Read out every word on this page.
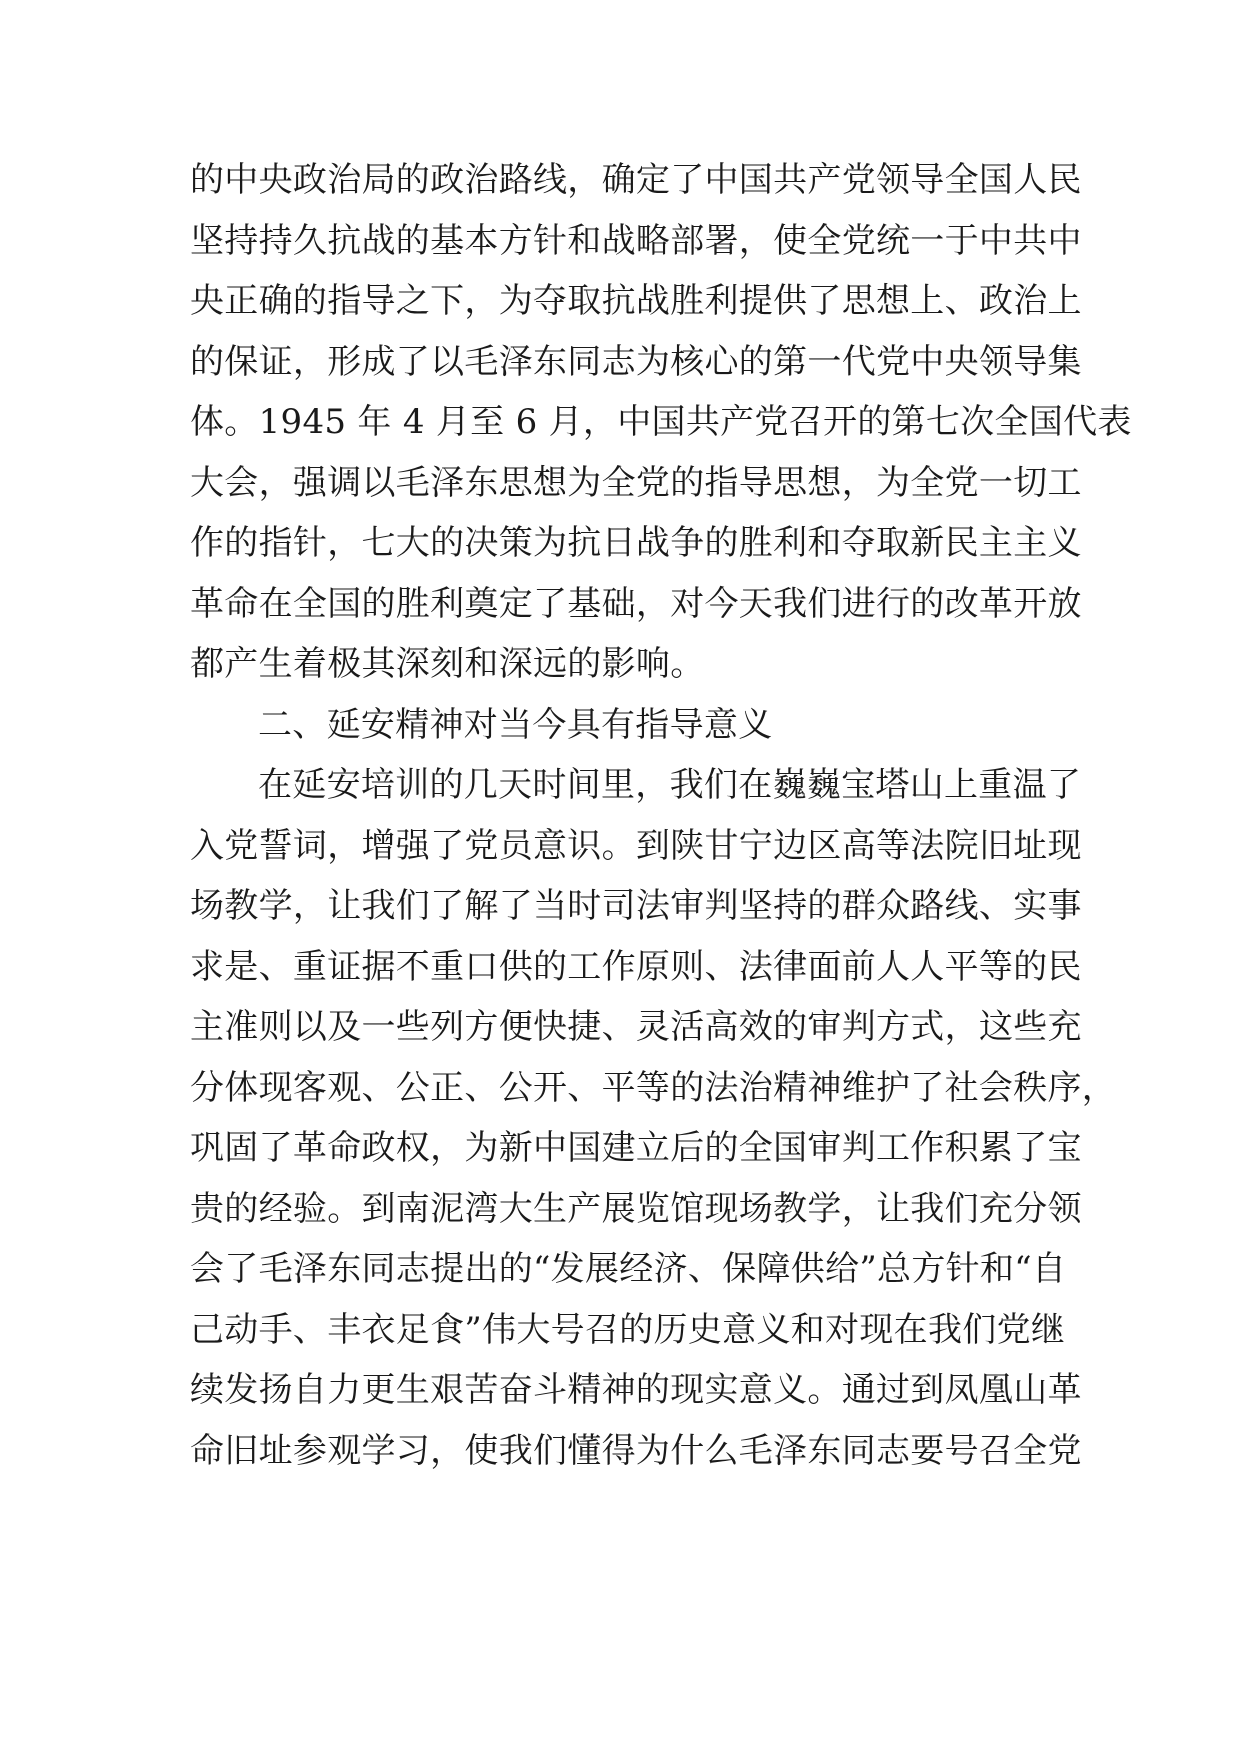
的中央政治局的政治路线，确定了中国共产党领导全国人民
坚持持久抗战的基本方针和战略部署，使全党统一于中共中
央正确的指导之下，为夺取抗战胜利提供了思想上、政治上
的保证，形成了以毛泽东同志为核心的第一代党中央领导集
体。1945 年 4 月至 6 月，中国共产党召开的第七次全国代表
大会，强调以毛泽东思想为全党的指导思想，为全党一切工
作的指针，七大的决策为抗日战争的胜利和夺取新民主主义
革命在全国的胜利奠定了基础，对今天我们进行的改革开放
都产生着极其深刻和深远的影响。
二、延安精神对当今具有指导意义
在延安培训的几天时间里，我们在巍巍宝塔山上重温了
入党誓词，增强了党员意识。到陕甘宁边区高等法院旧址现
场教学，让我们了解了当时司法审判坚持的群众路线、实事
求是、重证据不重口供的工作原则、法律面前人人平等的民
主准则以及一些列方便快捷、灵活高效的审判方式，这些充
分体现客观、公正、公开、平等的法治精神维护了社会秩序，
巩固了革命政权，为新中国建立后的全国审判工作积累了宝
贵的经验。到南泥湾大生产展览馆现场教学，让我们充分领
会了毛泽东同志提出的“发展经济、保障供给”总方针和“自
己动手、丰衣足食”伟大号召的历史意义和对现在我们党继
续发扬自力更生艰苦奋斗精神的现实意义。通过到凤凰山革
命旧址参观学习，使我们懂得为什么毛泽东同志要号召全党
